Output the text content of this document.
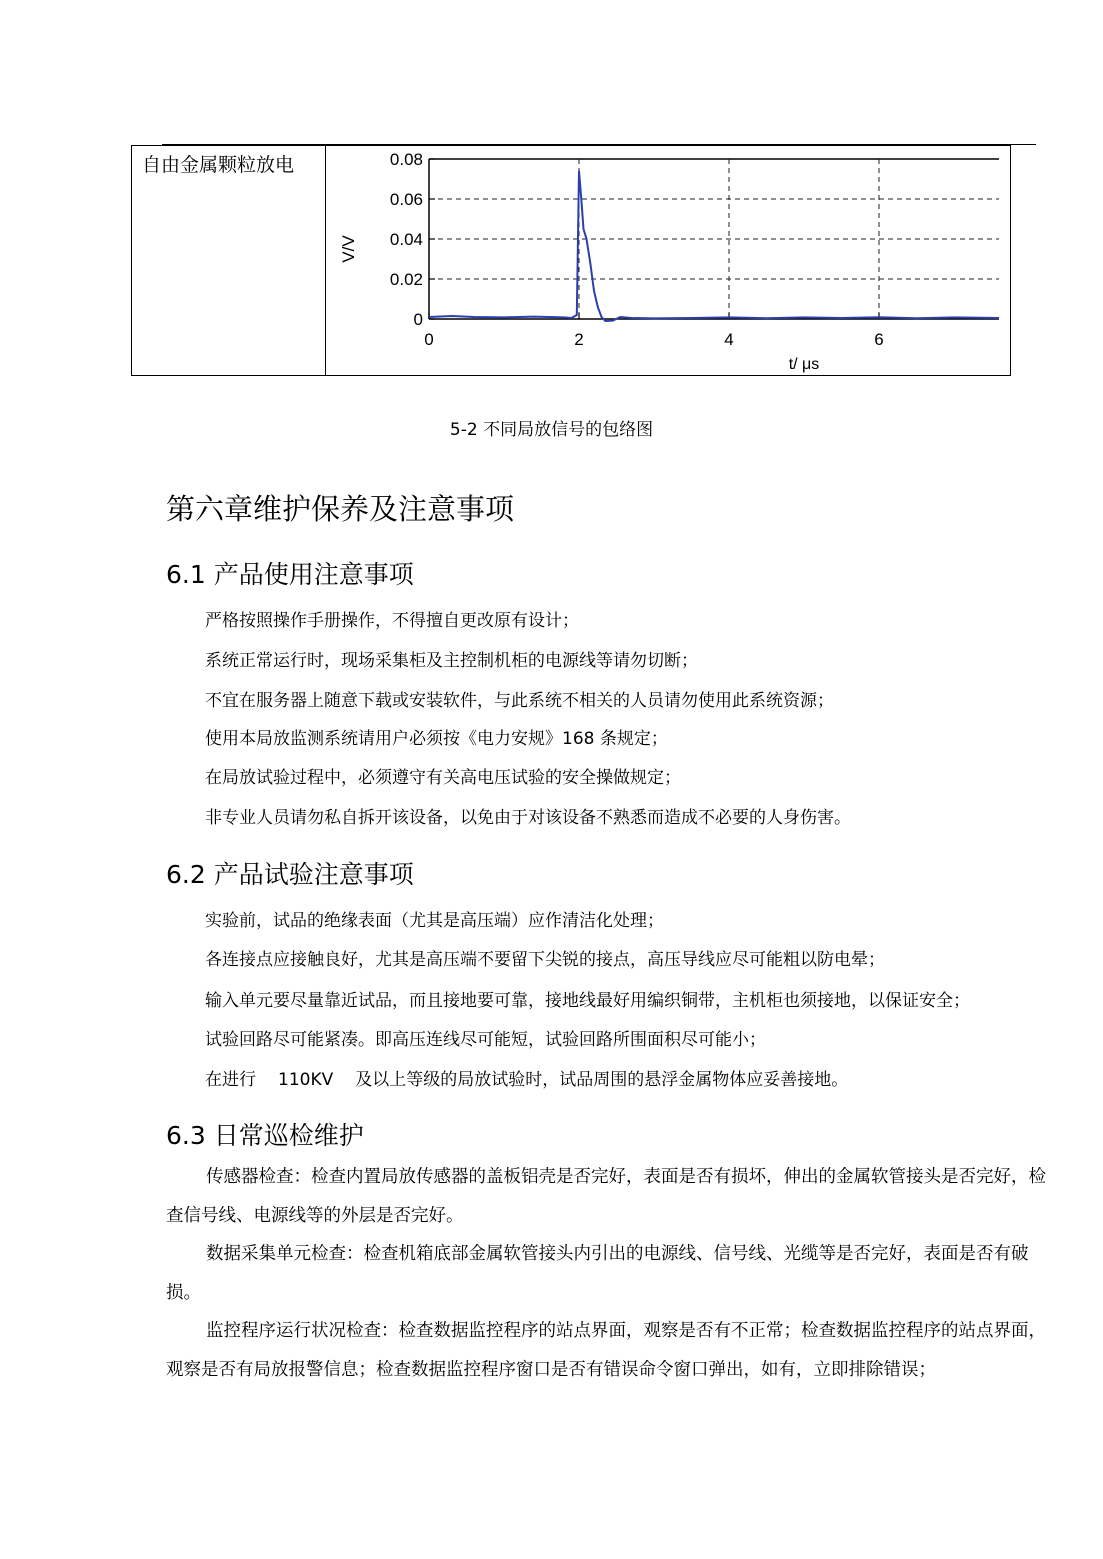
自由金属颗粒放电	0.08
0.06
0.04
0.02
0
0	2	4	6
t/ μs
V/V
5-2 不同局放信号的包络图
第六章维护保养及注意事项
6.1 产品使用注意事项
严格按照操作手册操作，不得擅自更改原有设计；
系统正常运行时，现场采集柜及主控制机柜的电源线等请勿切断；
不宜在服务器上随意下载或安装软件，与此系统不相关的人员请勿使用此系统资源；
使用本局放监测系统请用户必须按《电力安规》168 条规定；
在局放试验过程中，必须遵守有关高电压试验的安全操做规定；
非专业人员请勿私自拆开该设备，以免由于对该设备不熟悉而造成不必要的人身伤害。
6.2 产品试验注意事项
实验前，试品的绝缘表面（尤其是高压端）应作清洁化处理；
各连接点应接触良好，尤其是高压端不要留下尖锐的接点，高压导线应尽可能粗以防电晕；
输入单元要尽量靠近试品，而且接地要可靠，接地线最好用编织铜带，主机柜也须接地，以保证安全；
试验回路尽可能紧凑。即高压连线尽可能短，试验回路所围面积尽可能小；
在进行 110KV 及以上等级的局放试验时，试品周围的悬浮金属物体应妥善接地。
6.3 日常巡检维护
传感器检查：检查内置局放传感器的盖板铝壳是否完好，表面是否有损坏，伸出的金属软管接头是否完好，检查信号线、电源线等的外层是否完好。
数据采集单元检查：检查机箱底部金属软管接头内引出的电源线、信号线、光缆等是否完好，表面是否有破损。
监控程序运行状况检查：检查数据监控程序的站点界面，观察是否有不正常；检查数据监控程序的站点界面，观察是否有局放报警信息；检查数据监控程序窗口是否有错误命令窗口弹出，如有，立即排除错误；
